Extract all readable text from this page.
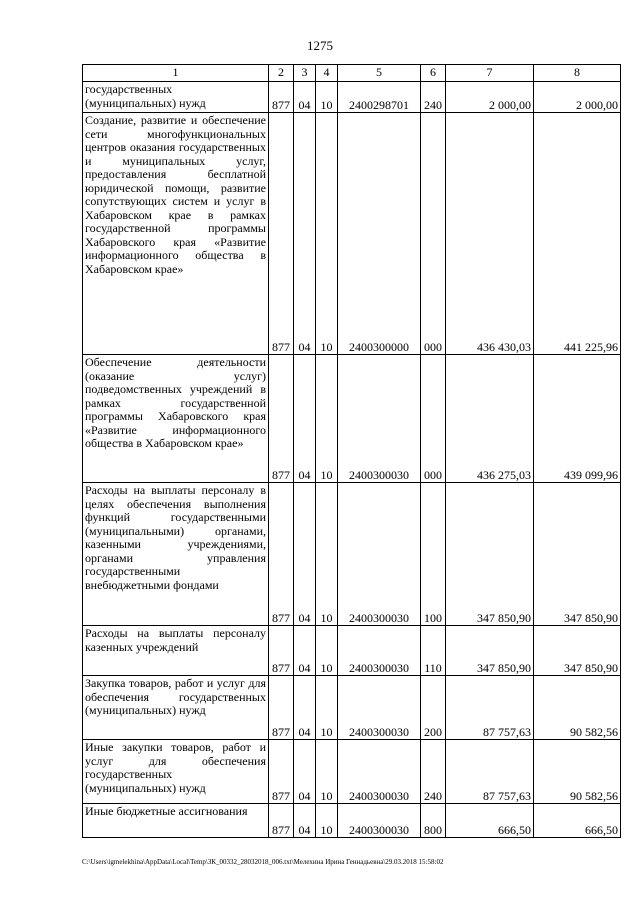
1275
1	2	3	4	5	6	7	8
государственных (муниципальных) нужд	877	04	10	2400298701	240	2 000,00	2 000,00
Создание, развитие и обеспечение сети многофункциональных центров оказания государственных и муниципальных услуг, предоставления бесплатной юридической помощи, развитие сопутствующих систем и услуг в Хабаровском крае в рамках государственной программы Хабаровского края «Развитие информационного общества в Хабаровском крае»	877	04	10	2400300000	000	436 430,03	441 225,96
Обеспечение деятельности (оказание услуг) подведомственных учреждений в рамках государственной программы Хабаровского края «Развитие информационного общества в Хабаровском крае»	877	04	10	2400300030	000	436 275,03	439 099,96
Расходы на выплаты персоналу в целях обеспечения выполнения функций государственными (муниципальными) органами, казенными учреждениями, органами управления государственными внебюджетными фондами	877	04	10	2400300030	100	347 850,90	347 850,90
Расходы на выплаты персоналу казенных учреждений	877	04	10	2400300030	110	347 850,90	347 850,90
Закупка товаров, работ и услуг для обеспечения государственных (муниципальных) нужд	877	04	10	2400300030	200	87 757,63	90 582,56
Иные закупки товаров, работ и услуг для обеспечения государственных (муниципальных) нужд	877	04	10	2400300030	240	87 757,63	90 582,56
Иные бюджетные ассигнования	877	04	10	2400300030	800	666,50	666,50
C:\Users\igmelekhina\AppData\Local\Temp\ЗК_00332_28032018_006.txt\Мелехина Ирина Геннадьевна\29.03.2018 15:58:02
